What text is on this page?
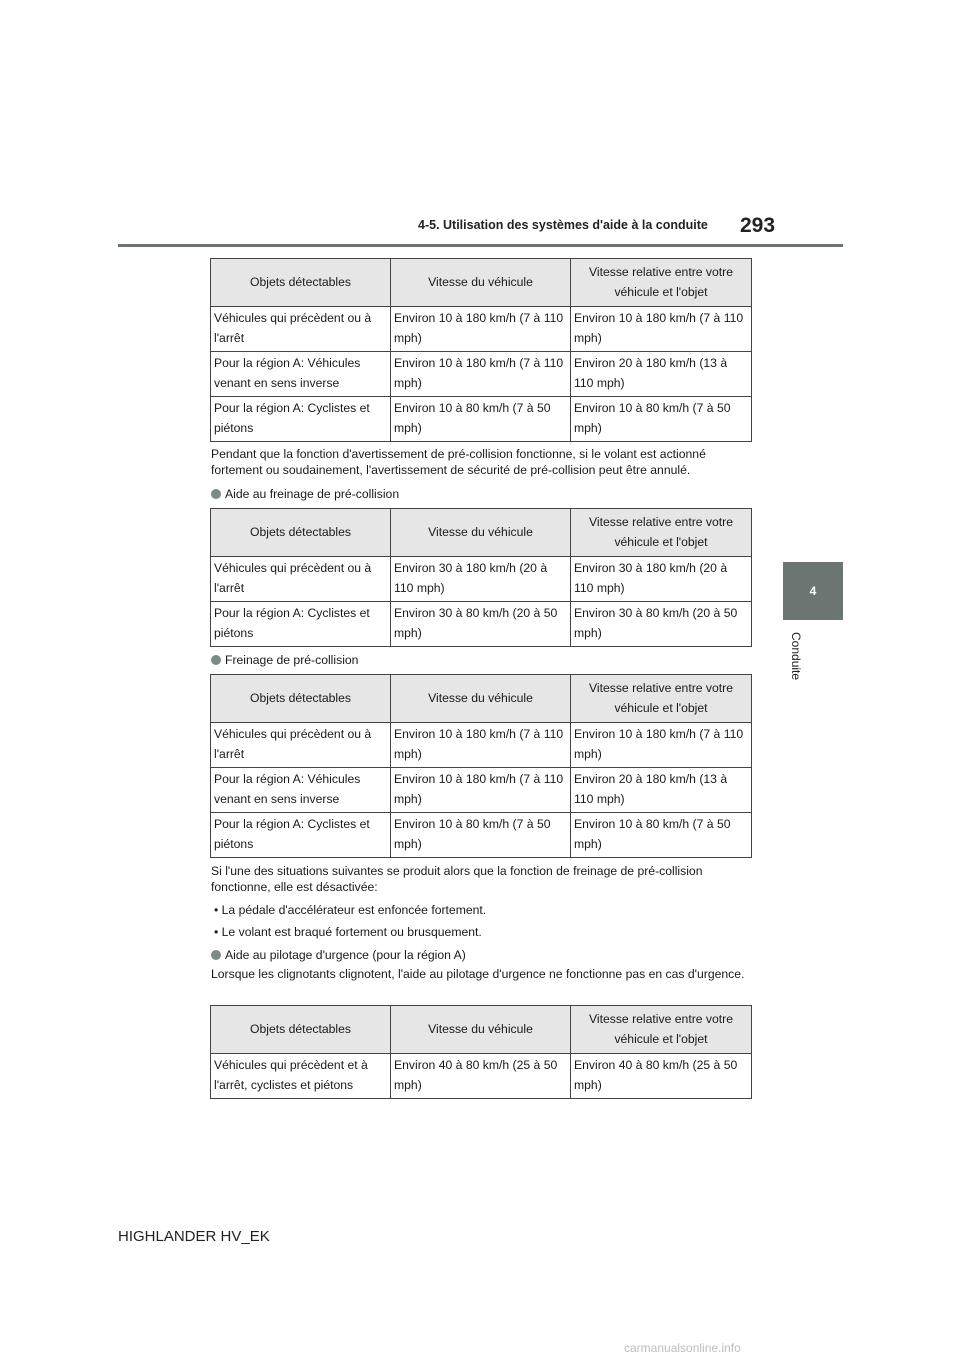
4-5. Utilisation des systèmes d'aide à la conduite 293
4
Conduite
Objets détectables	Vitesse du véhicule	Vitesse relative entre votre véhicule et l'objet
Véhicules qui précèdent ou à l'arrêt	Environ 10 à 180 km/h (7 à 110 mph)	Environ 10 à 180 km/h (7 à 110 mph)
Pour la région A: Véhicules venant en sens inverse	Environ 10 à 180 km/h (7 à 110 mph)	Environ 20 à 180 km/h (13 à 110 mph)
Pour la région A: Cyclistes et piétons	Environ 10 à 80 km/h (7 à 50 mph)	Environ 10 à 80 km/h (7 à 50 mph)
Pendant que la fonction d'avertissement de pré-collision fonctionne, si le volant est actionné fortement ou soudainement, l'avertissement de sécurité de pré-collision peut être annulé.
Aide au freinage de pré-collision
Objets détectables	Vitesse du véhicule	Vitesse relative entre votre véhicule et l'objet
Véhicules qui précèdent ou à l'arrêt	Environ 30 à 180 km/h (20 à 110 mph)	Environ 30 à 180 km/h (20 à 110 mph)
Pour la région A: Cyclistes et piétons	Environ 30 à 80 km/h (20 à 50 mph)	Environ 30 à 80 km/h (20 à 50 mph)
Freinage de pré-collision
Objets détectables	Vitesse du véhicule	Vitesse relative entre votre véhicule et l'objet
Véhicules qui précèdent ou à l'arrêt	Environ 10 à 180 km/h (7 à 110 mph)	Environ 10 à 180 km/h (7 à 110 mph)
Pour la région A: Véhicules venant en sens inverse	Environ 10 à 180 km/h (7 à 110 mph)	Environ 20 à 180 km/h (13 à 110 mph)
Pour la région A: Cyclistes et piétons	Environ 10 à 80 km/h (7 à 50 mph)	Environ 10 à 80 km/h (7 à 50 mph)
Si l'une des situations suivantes se produit alors que la fonction de freinage de pré-collision fonctionne, elle est désactivée:
• La pédale d'accélérateur est enfoncée fortement.
• Le volant est braqué fortement ou brusquement.
Aide au pilotage d'urgence (pour la région A)
Lorsque les clignotants clignotent, l'aide au pilotage d'urgence ne fonctionne pas en cas d'urgence.
Objets détectables	Vitesse du véhicule	Vitesse relative entre votre véhicule et l'objet
Véhicules qui précèdent et à l'arrêt, cyclistes et piétons	Environ 40 à 80 km/h (25 à 50 mph)	Environ 40 à 80 km/h (25 à 50 mph)
HIGHLANDER HV_EK
carmanualsonline.info
